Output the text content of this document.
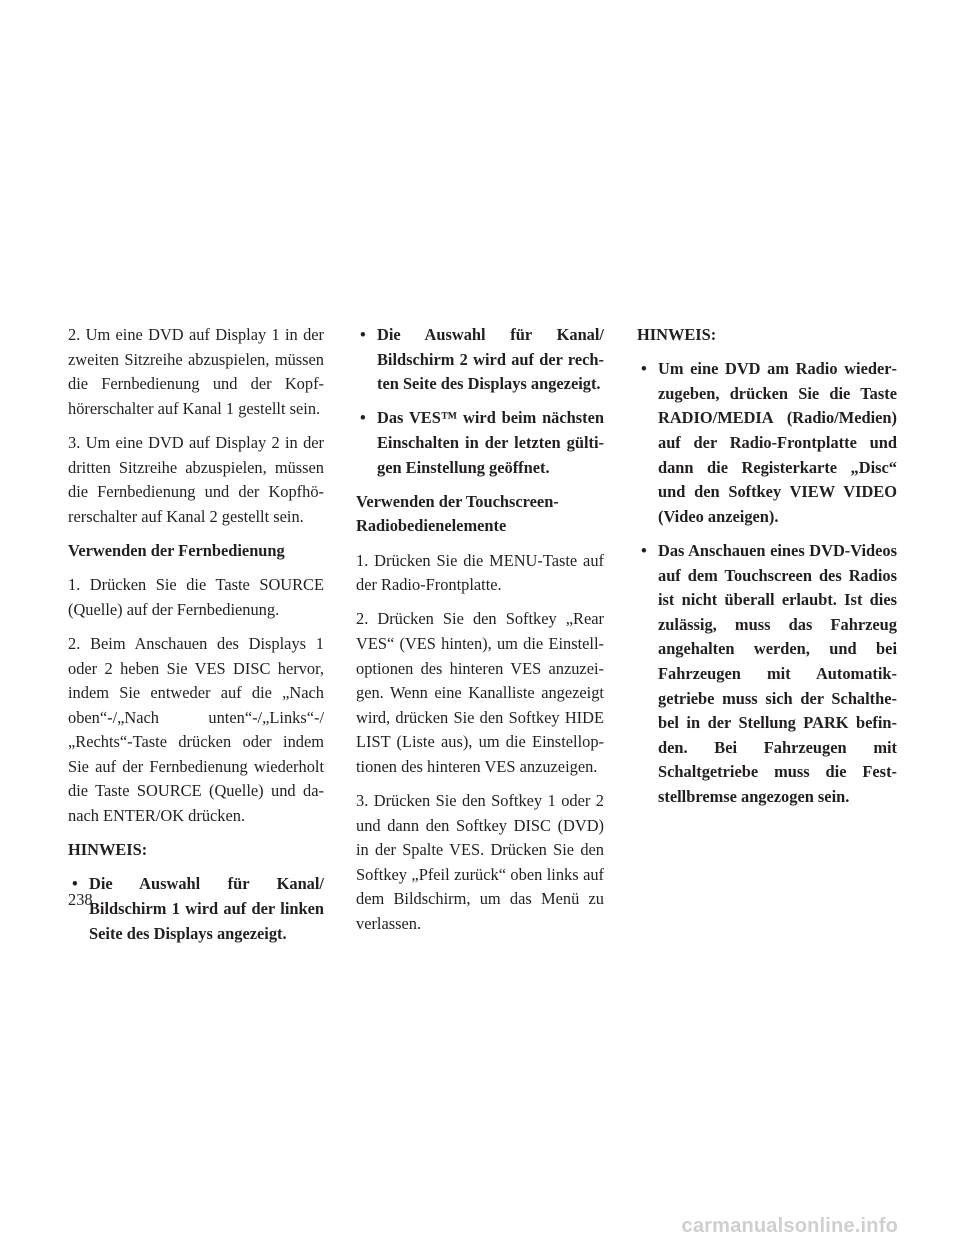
2. Um eine DVD auf Display 1 in der zweiten Sitzreihe abzuspielen, müssen die Fernbedienung und der Kopfhörerschalter auf Kanal 1 gestellt sein.

3. Um eine DVD auf Display 2 in der dritten Sitzreihe abzuspielen, müssen die Fernbedienung und der Kopfhörerschalter auf Kanal 2 gestellt sein.

Verwenden der Fernbedienung

1. Drücken Sie die Taste SOURCE (Quelle) auf der Fernbedienung.

2. Beim Anschauen des Displays 1 oder 2 heben Sie VES DISC hervor, indem Sie entweder auf die „Nach oben“-/„Nach unten“-/„Links“-/„Rechts“-Taste drücken oder indem Sie auf der Fernbedienung wiederholt die Taste SOURCE (Quelle) und danach ENTER/OK drücken.

HINWEIS:

• Die Auswahl für Kanal/ Bildschirm 1 wird auf der linken Seite des Displays angezeigt.
• Die Auswahl für Kanal/ Bildschirm 2 wird auf der rechten Seite des Displays angezeigt.
• Das VES™ wird beim nächsten Einschalten in der letzten gültigen Einstellung geöffnet.

Verwenden der Touchscreen-Radiobedienelemente

1. Drücken Sie die MENU-Taste auf der Radio-Frontplatte.

2. Drücken Sie den Softkey „Rear VES“ (VES hinten), um die Einstelloptionen des hinteren VES anzuzeigen. Wenn eine Kanalliste angezeigt wird, drücken Sie den Softkey HIDE LIST (Liste aus), um die Einstelloptionen des hinteren VES anzuzeigen.

3. Drücken Sie den Softkey 1 oder 2 und dann den Softkey DISC (DVD) in der Spalte VES. Drücken Sie den Softkey „Pfeil zurück“ oben links auf dem Bildschirm, um das Menü zu verlassen.

HINWEIS:

• Um eine DVD am Radio wiederzugeben, drücken Sie die Taste RADIO/MEDIA (Radio/Medien) auf der Radio-Frontplatte und dann die Registerkarte „Disc“ und den Softkey VIEW VIDEO (Video anzeigen).
• Das Anschauen eines DVD-Videos auf dem Touchscreen des Radios ist nicht überall erlaubt. Ist dies zulässig, muss das Fahrzeug angehalten werden, und bei Fahrzeugen mit Automatikgetriebe muss sich der Schalthebel in der Stellung PARK befinden. Bei Fahrzeugen mit Schaltgetriebe muss die Feststellbremse angezogen sein.
238
carmanualsonline.info
